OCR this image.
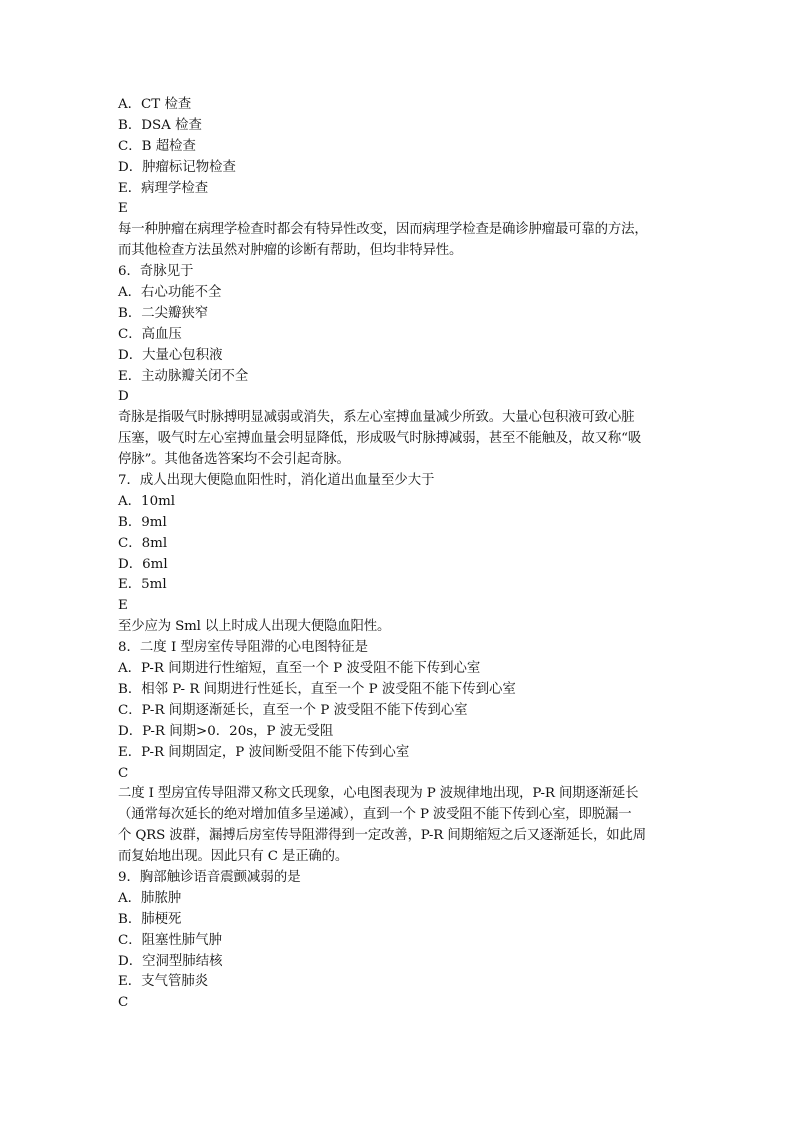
A．CT 检查
B．DSA 检查
C．B 超检查
D．肿瘤标记物检查
E．病理学检查
E
每一种肿瘤在病理学检查时都会有特异性改变，因而病理学检查是确诊肿瘤最可靠的方法，
而其他检查方法虽然对肿瘤的诊断有帮助，但均非特异性。
6．奇脉见于
A．右心功能不全
B．二尖瓣狭窄
C．高血压
D．大量心包积液
E．主动脉瓣关闭不全
D
奇脉是指吸气时脉搏明显减弱或消失，系左心室搏血量减少所致。大量心包积液可致心脏
压塞，吸气时左心室搏血量会明显降低，形成吸气时脉搏减弱，甚至不能触及，故又称“吸
停脉”。其他备选答案均不会引起奇脉。
7．成人出现大便隐血阳性时，消化道出血量至少大于
A．10ml
B．9ml
C．8ml
D．6ml
E．5ml
E
至少应为 Sml 以上时成人出现大便隐血阳性。
8．二度 I 型房室传导阻滞的心电图特征是
A．P-R 间期进行性缩短，直至一个 P 波受阻不能下传到心室
B．相邻 P- R 间期进行性延长，直至一个 P 波受阻不能下传到心室
C．P-R 间期逐渐延长，直至一个 P 波受阻不能下传到心室
D．P-R 间期>0．20s，P 波无受阻
E．P-R 间期固定，P 波间断受阻不能下传到心室
C
二度 I 型房宜传导阻滞又称文氏现象，心电图表现为 P 波规律地出现，P-R 间期逐渐延长
（通常每次延长的绝对增加值多呈递减），直到一个 P 波受阻不能下传到心室，即脱漏一
个 QRS 波群，漏搏后房室传导阻滞得到一定改善，P-R 间期缩短之后又逐渐延长，如此周
而复始地出现。因此只有 C 是正确的。
9．胸部触诊语音震颤减弱的是
A．肺脓肿
B．肺梗死
C．阻塞性肺气肿
D．空洞型肺结核
E．支气管肺炎
C
